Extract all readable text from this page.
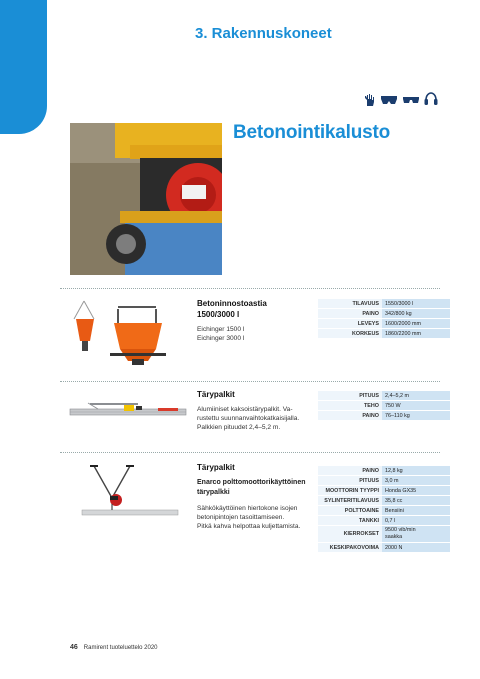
3. Rakennuskoneet
Betonointikalusto
Betoninnostoastia
1500/3000 l
Eichinger 1500 l
Eichinger 3000 l
TILAVUUS	1550/3000 l
PAINO	342/800 kg
LEVEYS	1600/2000 mm
KORKEUS	1860/2200 mm
Tärypalkit
Alumiiniset kaksoistärypalkit. Va-
rustettu suunnanvaihtokatkaisijalla.
Palkkien pituudet 2,4–5,2 m.
PITUUS	2,4–5,2 m
TEHO	750 W
PAINO	76–110 kg
Tärypalkit
Enarco polttomoottorikäyttöinen
tärypalkki
Sähkökäyttöinen hiertokone isojen
betonipintojen tasoittamiseen.
Pitkä kahva helpottaa kuljettamista.
PAINO	12,8 kg
PITUUS	3,0 m
MOOTTORIN TYYPPI	Honda GX35
SYLINTERITILAVUUS	35,8 cc
POLTTOAINE	Bensiini
TANKKI	0,7 l
KIERROKSET	9500 vib/min
saakka

KESKIPAKOVOIMA	2000 N
46 Ramirent tuoteluettelo 2020
